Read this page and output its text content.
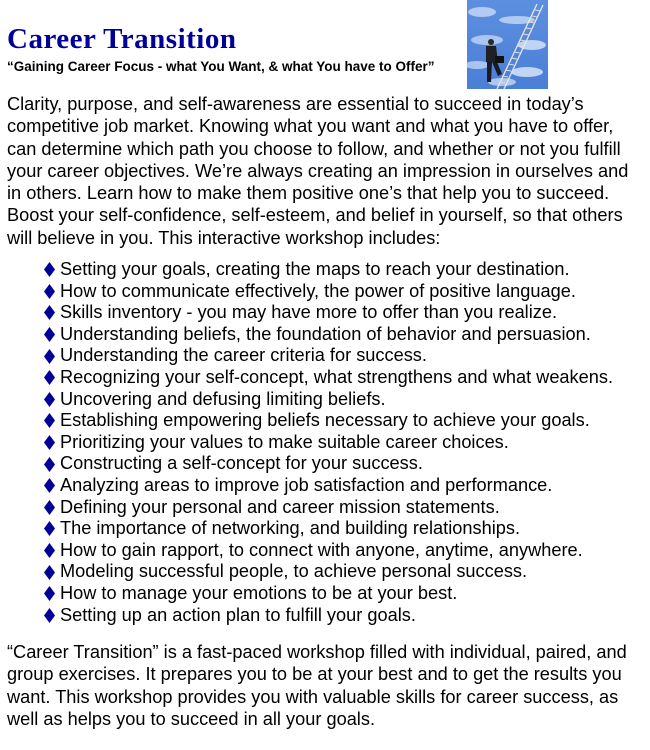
Career Transition

“Gaining Career Focus - what You Want, & what You have to Offer”

Clarity, purpose, and self-awareness are essential to succeed in today’s competitive job market. Knowing what you want and what you have to offer, can determine which path you choose to follow, and whether or not you fulfill your career objectives. We’re always creating an impression in ourselves and in others. Learn how to make them positive one’s that help you to succeed. Boost your self-confidence, self-esteem, and belief in yourself, so that others will believe in you. This interactive workshop includes:

Setting your goals, creating the maps to reach your destination.
How to communicate effectively, the power of positive language.
Skills inventory - you may have more to offer than you realize.
Understanding beliefs, the foundation of behavior and persuasion.
Understanding the career criteria for success.
Recognizing your self-concept, what strengthens and what weakens.
Uncovering and defusing limiting beliefs.
Establishing empowering beliefs necessary to achieve your goals.
Prioritizing your values to make suitable career choices.
Constructing a self-concept for your success.
Analyzing areas to improve job satisfaction and performance.
Defining your personal and career mission statements.
The importance of networking, and building relationships.
How to gain rapport, to connect with anyone, anytime, anywhere.
Modeling successful people, to achieve personal success.
How to manage your emotions to be at your best.
Setting up an action plan to fulfill your goals.

“Career Transition” is a fast-paced workshop filled with individual, paired, and group exercises. It prepares you to be at your best and to get the results you want. This workshop provides you with valuable skills for career success, as well as helps you to succeed in all your goals.
